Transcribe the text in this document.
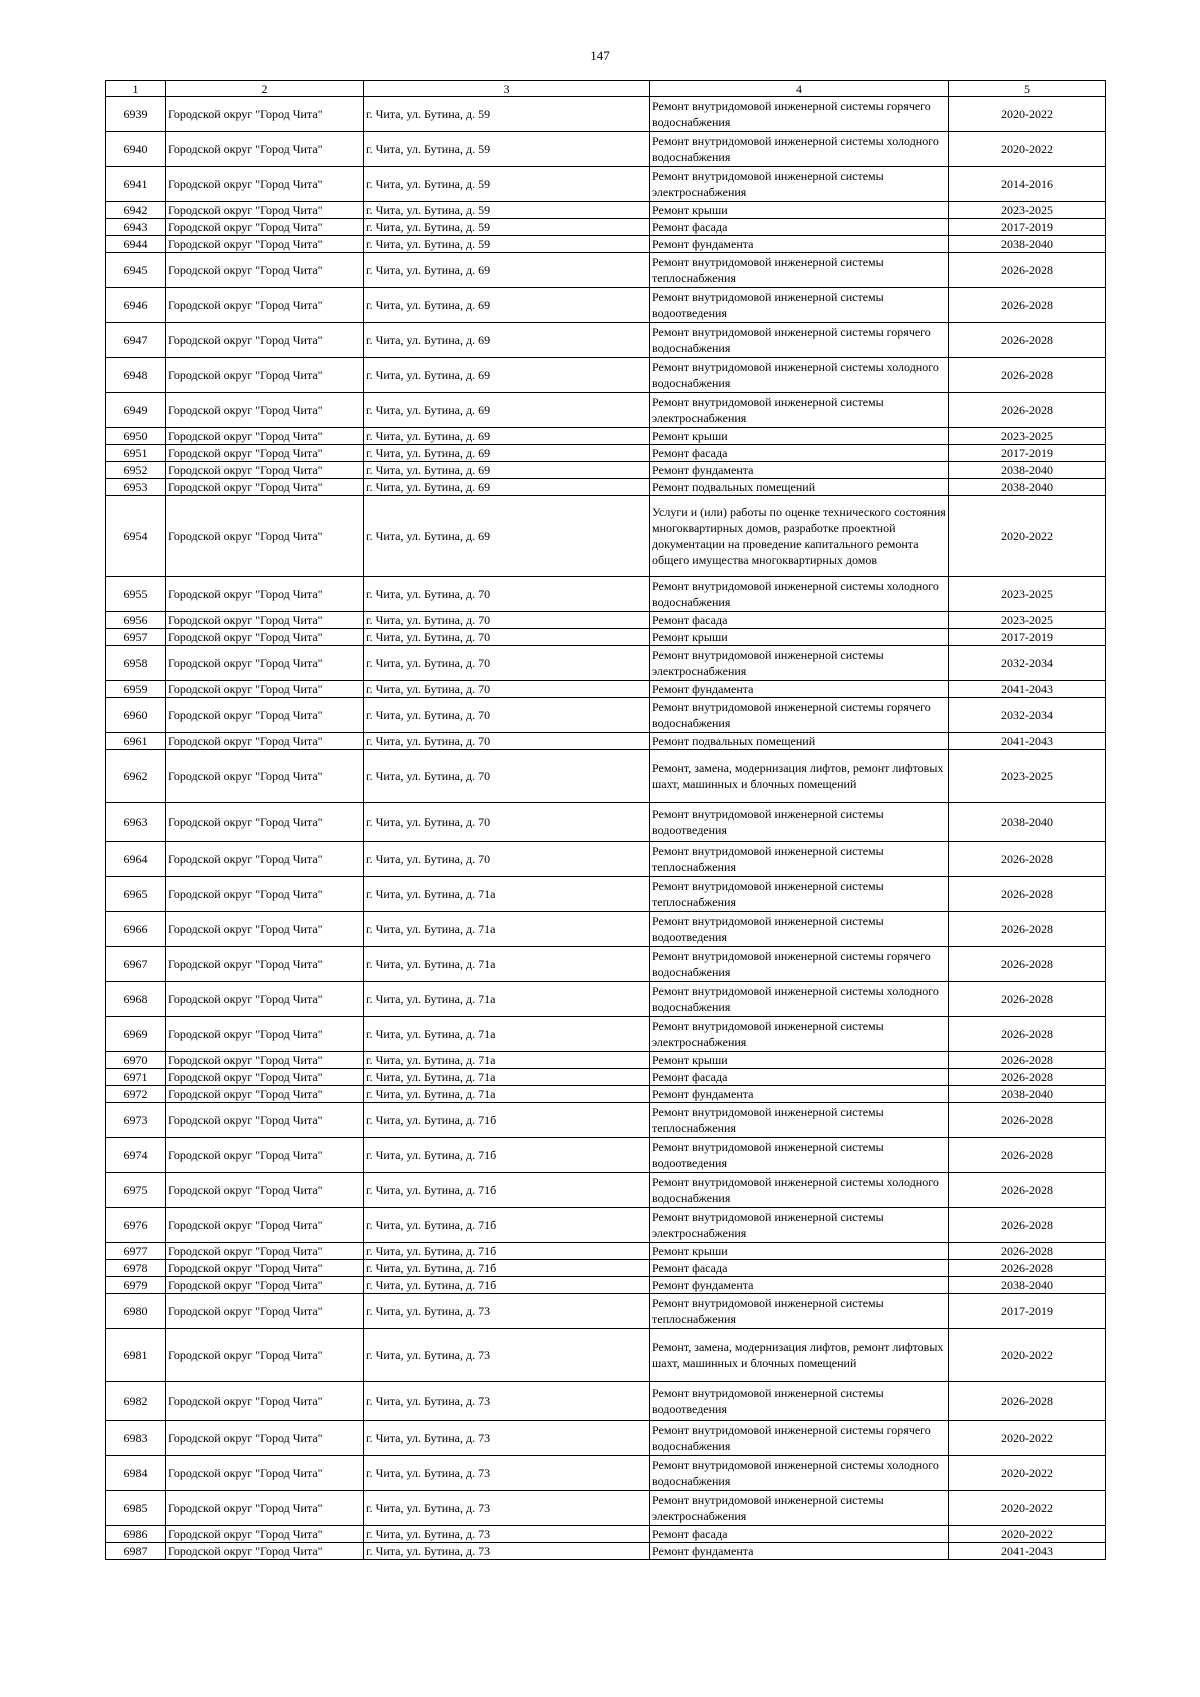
147
1	2	3	4	5
6939	Городской округ "Город Чита"	г. Чита, ул. Бутина, д. 59	Ремонт внутридомовой инженерной системы горячего водоснабжения	2020-2022
6940	Городской округ "Город Чита"	г. Чита, ул. Бутина, д. 59	Ремонт внутридомовой инженерной системы холодного водоснабжения	2020-2022
6941	Городской округ "Город Чита"	г. Чита, ул. Бутина, д. 59	Ремонт внутридомовой инженерной системы электроснабжения	2014-2016
6942	Городской округ "Город Чита"	г. Чита, ул. Бутина, д. 59	Ремонт крыши	2023-2025
6943	Городской округ "Город Чита"	г. Чита, ул. Бутина, д. 59	Ремонт фасада	2017-2019
6944	Городской округ "Город Чита"	г. Чита, ул. Бутина, д. 59	Ремонт фундамента	2038-2040
6945	Городской округ "Город Чита"	г. Чита, ул. Бутина, д. 69	Ремонт внутридомовой инженерной системы теплоснабжения	2026-2028
6946	Городской округ "Город Чита"	г. Чита, ул. Бутина, д. 69	Ремонт внутридомовой инженерной системы водоотведения	2026-2028
6947	Городской округ "Город Чита"	г. Чита, ул. Бутина, д. 69	Ремонт внутридомовой инженерной системы горячего водоснабжения	2026-2028
6948	Городской округ "Город Чита"	г. Чита, ул. Бутина, д. 69	Ремонт внутридомовой инженерной системы холодного водоснабжения	2026-2028
6949	Городской округ "Город Чита"	г. Чита, ул. Бутина, д. 69	Ремонт внутридомовой инженерной системы электроснабжения	2026-2028
6950	Городской округ "Город Чита"	г. Чита, ул. Бутина, д. 69	Ремонт крыши	2023-2025
6951	Городской округ "Город Чита"	г. Чита, ул. Бутина, д. 69	Ремонт фасада	2017-2019
6952	Городской округ "Город Чита"	г. Чита, ул. Бутина, д. 69	Ремонт фундамента	2038-2040
6953	Городской округ "Город Чита"	г. Чита, ул. Бутина, д. 69	Ремонт подвальных помещений	2038-2040
6954	Городской округ "Город Чита"	г. Чита, ул. Бутина, д. 69	Услуги и (или) работы по оценке технического состояния многоквартирных домов, разработке проектной документации на проведение капитального ремонта общего имущества многоквартирных домов	2020-2022
6955	Городской округ "Город Чита"	г. Чита, ул. Бутина, д. 70	Ремонт внутридомовой инженерной системы холодного водоснабжения	2023-2025
6956	Городской округ "Город Чита"	г. Чита, ул. Бутина, д. 70	Ремонт фасада	2023-2025
6957	Городской округ "Город Чита"	г. Чита, ул. Бутина, д. 70	Ремонт крыши	2017-2019
6958	Городской округ "Город Чита"	г. Чита, ул. Бутина, д. 70	Ремонт внутридомовой инженерной системы электроснабжения	2032-2034
6959	Городской округ "Город Чита"	г. Чита, ул. Бутина, д. 70	Ремонт фундамента	2041-2043
6960	Городской округ "Город Чита"	г. Чита, ул. Бутина, д. 70	Ремонт внутридомовой инженерной системы горячего водоснабжения	2032-2034
6961	Городской округ "Город Чита"	г. Чита, ул. Бутина, д. 70	Ремонт подвальных помещений	2041-2043
6962	Городской округ "Город Чита"	г. Чита, ул. Бутина, д. 70	Ремонт, замена, модернизация лифтов, ремонт лифтовых шахт, машинных и блочных помещений	2023-2025
6963	Городской округ "Город Чита"	г. Чита, ул. Бутина, д. 70	Ремонт внутридомовой инженерной системы водоотведения	2038-2040
6964	Городской округ "Город Чита"	г. Чита, ул. Бутина, д. 70	Ремонт внутридомовой инженерной системы теплоснабжения	2026-2028
6965	Городской округ "Город Чита"	г. Чита, ул. Бутина, д. 71а	Ремонт внутридомовой инженерной системы теплоснабжения	2026-2028
6966	Городской округ "Город Чита"	г. Чита, ул. Бутина, д. 71а	Ремонт внутридомовой инженерной системы водоотведения	2026-2028
6967	Городской округ "Город Чита"	г. Чита, ул. Бутина, д. 71а	Ремонт внутридомовой инженерной системы горячего водоснабжения	2026-2028
6968	Городской округ "Город Чита"	г. Чита, ул. Бутина, д. 71а	Ремонт внутридомовой инженерной системы холодного водоснабжения	2026-2028
6969	Городской округ "Город Чита"	г. Чита, ул. Бутина, д. 71а	Ремонт внутридомовой инженерной системы электроснабжения	2026-2028
6970	Городской округ "Город Чита"	г. Чита, ул. Бутина, д. 71а	Ремонт крыши	2026-2028
6971	Городской округ "Город Чита"	г. Чита, ул. Бутина, д. 71а	Ремонт фасада	2026-2028
6972	Городской округ "Город Чита"	г. Чита, ул. Бутина, д. 71а	Ремонт фундамента	2038-2040
6973	Городской округ "Город Чита"	г. Чита, ул. Бутина, д. 71б	Ремонт внутридомовой инженерной системы теплоснабжения	2026-2028
6974	Городской округ "Город Чита"	г. Чита, ул. Бутина, д. 71б	Ремонт внутридомовой инженерной системы водоотведения	2026-2028
6975	Городской округ "Город Чита"	г. Чита, ул. Бутина, д. 71б	Ремонт внутридомовой инженерной системы холодного водоснабжения	2026-2028
6976	Городской округ "Город Чита"	г. Чита, ул. Бутина, д. 71б	Ремонт внутридомовой инженерной системы электроснабжения	2026-2028
6977	Городской округ "Город Чита"	г. Чита, ул. Бутина, д. 71б	Ремонт крыши	2026-2028
6978	Городской округ "Город Чита"	г. Чита, ул. Бутина, д. 71б	Ремонт фасада	2026-2028
6979	Городской округ "Город Чита"	г. Чита, ул. Бутина, д. 71б	Ремонт фундамента	2038-2040
6980	Городской округ "Город Чита"	г. Чита, ул. Бутина, д. 73	Ремонт внутридомовой инженерной системы теплоснабжения	2017-2019
6981	Городской округ "Город Чита"	г. Чита, ул. Бутина, д. 73	Ремонт, замена, модернизация лифтов, ремонт лифтовых шахт, машинных и блочных помещений	2020-2022
6982	Городской округ "Город Чита"	г. Чита, ул. Бутина, д. 73	Ремонт внутридомовой инженерной системы водоотведения	2026-2028
6983	Городской округ "Город Чита"	г. Чита, ул. Бутина, д. 73	Ремонт внутридомовой инженерной системы горячего водоснабжения	2020-2022
6984	Городской округ "Город Чита"	г. Чита, ул. Бутина, д. 73	Ремонт внутридомовой инженерной системы холодного водоснабжения	2020-2022
6985	Городской округ "Город Чита"	г. Чита, ул. Бутина, д. 73	Ремонт внутридомовой инженерной системы электроснабжения	2020-2022
6986	Городской округ "Город Чита"	г. Чита, ул. Бутина, д. 73	Ремонт фасада	2020-2022
6987	Городской округ "Город Чита"	г. Чита, ул. Бутина, д. 73	Ремонт фундамента	2041-2043
